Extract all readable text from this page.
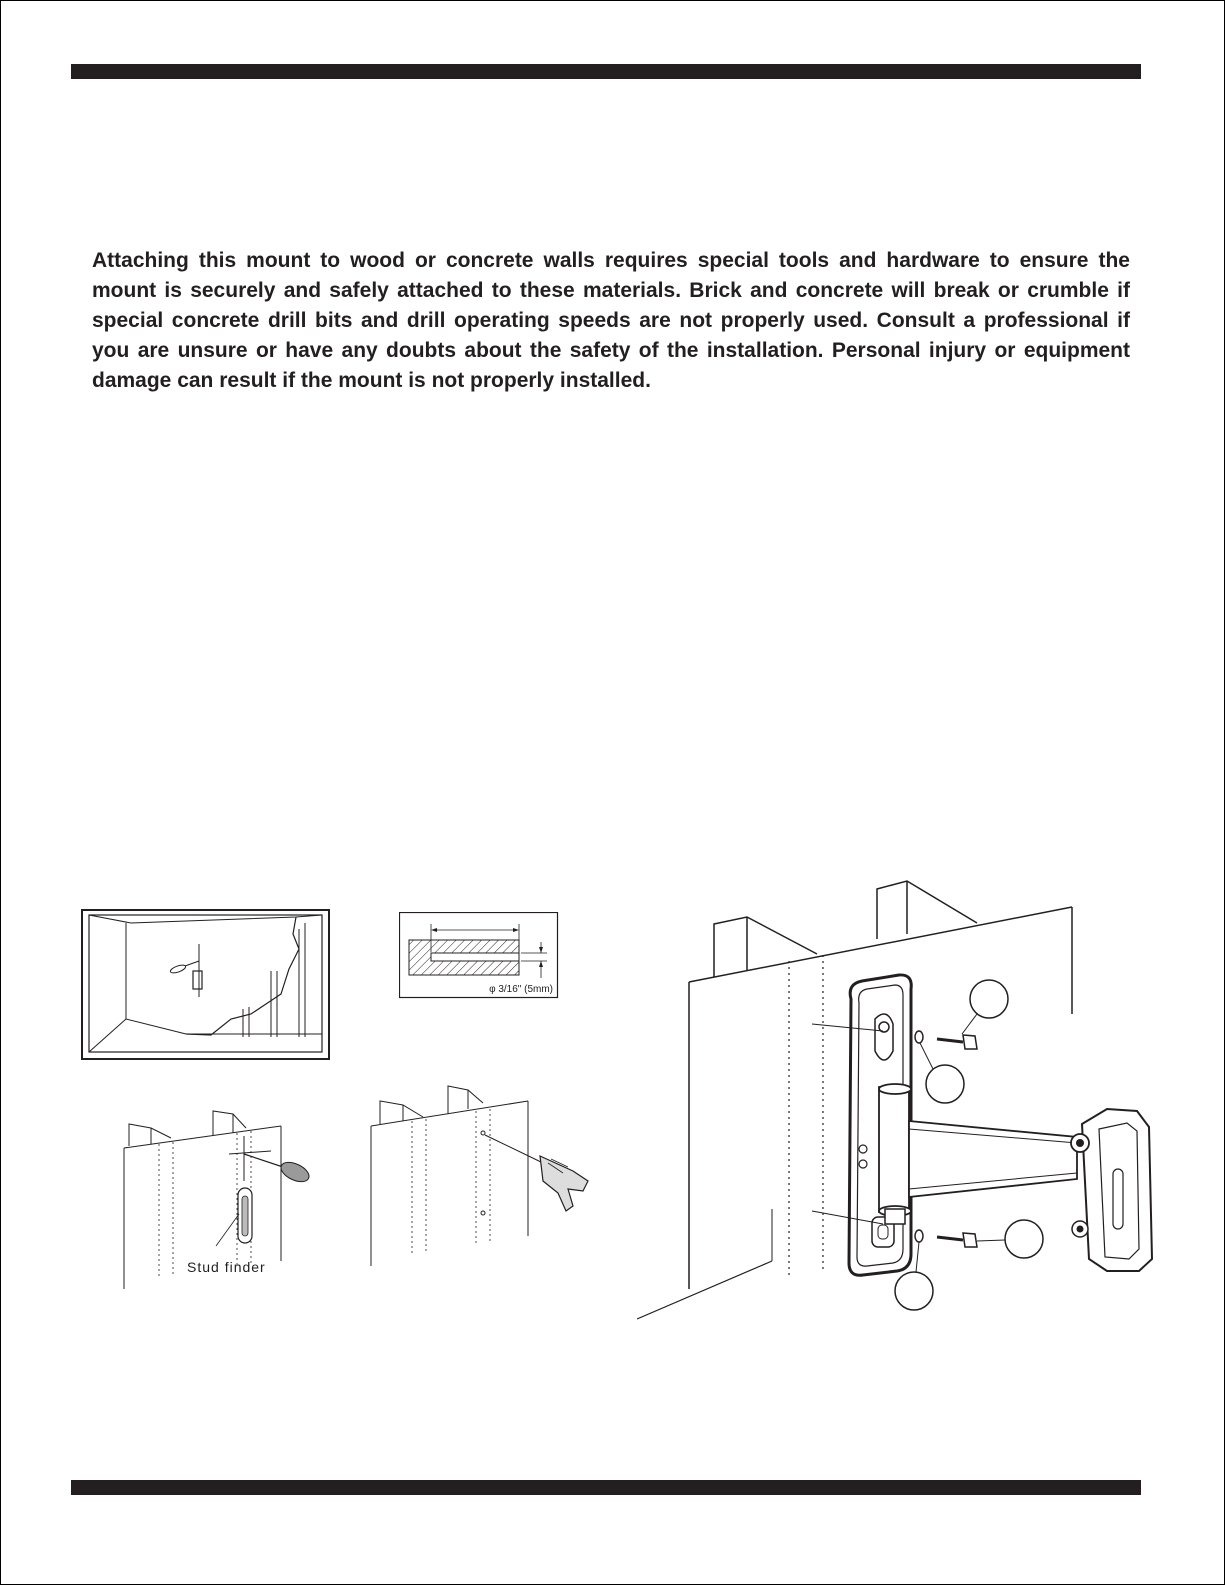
Attaching this mount to wood or concrete walls requires special tools and hardware to ensure the mount is securely and safely attached to these materials. Brick and concrete will break or crumble if special concrete drill bits and drill operating speeds are not properly used. Consult a professional if you are unsure or have any doubts about the safety of the installation. Personal injury or equipment damage can result if the mount is not properly installed.

φ 3/16" (5mm)
Stud finder
